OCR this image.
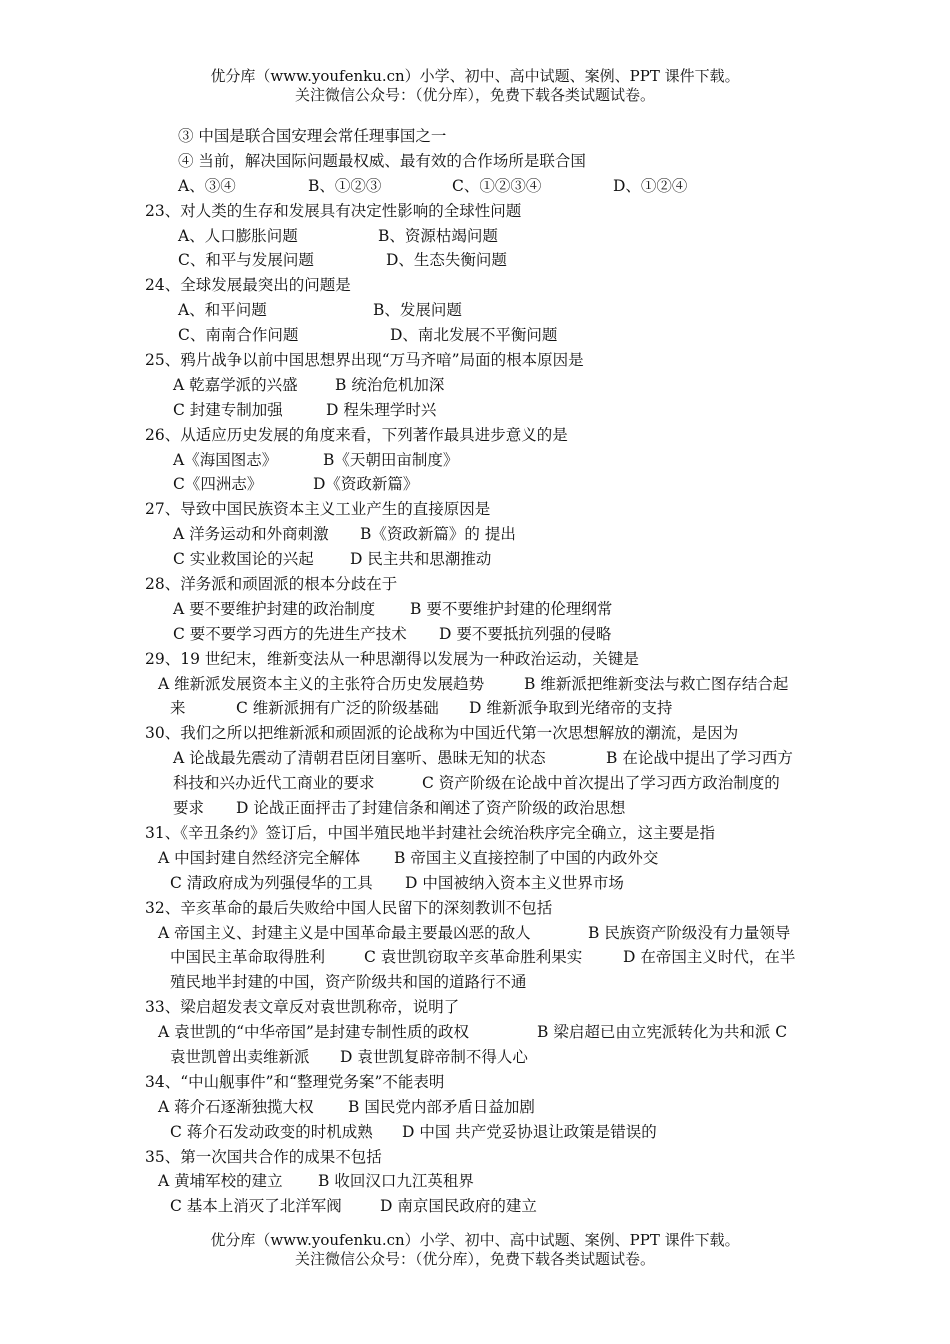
优分库（www.youfenku.cn）小学、初中、高中试题、案例、PPT 课件下载。
关注微信公众号：（优分库），免费下载各类试题试卷。
③ 中国是联合国安理会常任理事国之一
④ 当前，解决国际问题最权威、最有效的合作场所是联合国
A、③④	B、①②③	C、①②③④	D、①②④
23、对人类的生存和发展具有决定性影响的全球性问题
A、人口膨胀问题	B、资源枯竭问题
C、和平与发展问题	D、生态失衡问题
24、全球发展最突出的问题是
A、和平问题	B、发展问题
C、南南合作问题	D、南北发展不平衡问题
25、鸦片战争以前中国思想界出现“万马齐喑”局面的根本原因是
A 乾嘉学派的兴盛 B 统治危机加深
C 封建专制加强	D 程朱理学时兴
26、从适应历史发展的角度来看，下列著作最具进步意义的是
A《海国图志》	B《天朝田亩制度》
C《四洲志》	D《资政新篇》
27、导致中国民族资本主义工业产生的直接原因是
A 洋务运动和外商刺激 B《资政新篇》的 提出
C 实业救国论的兴起 D 民主共和思潮推动
28、洋务派和顽固派的根本分歧在于
A 要不要维护封建的政治制度 B 要不要维护封建的伦理纲常
C 要不要学习西方的先进生产技术 D 要不要抵抗列强的侵略
29、19 世纪末，维新变法从一种思潮得以发展为一种政治运动，关键是
A 维新派发展资本主义的主张符合历史发展趋势	B 维新派把维新变法与救亡图存结合起
来	C 维新派拥有广泛的阶级基础 D 维新派争取到光绪帝的支持
30、我们之所以把维新派和顽固派的论战称为中国近代第一次思想解放的潮流，是因为
A 论战最先震动了清朝君臣闭目塞听、愚昧无知的状态	B 在论战中提出了学习西方
科技和兴办近代工商业的要求	C 资产阶级在论战中首次提出了学习西方政治制度的
要求 D 论战正面抨击了封建信条和阐述了资产阶级的政治思想
31、《辛丑条约》签订后，中国半殖民地半封建社会统治秩序完全确立，这主要是指
A 中国封建自然经济完全解体 B 帝国主义直接控制了中国的内政外交
C 清政府成为列强侵华的工具 D 中国被纳入资本主义世界市场
32、辛亥革命的最后失败给中国人民留下的深刻教训不包括
A 帝国主义、封建主义是中国革命最主要最凶恶的敌人	B 民族资产阶级没有力量领导
中国民主革命取得胜利	C 袁世凯窃取辛亥革命胜利果实	D 在帝国主义时代，在半
殖民地半封建的中国，资产阶级共和国的道路行不通
33、梁启超发表文章反对袁世凯称帝，说明了
A 袁世凯的“中华帝国”是封建专制性质的政权	B 梁启超已由立宪派转化为共和派 C
袁世凯曾出卖维新派 D 袁世凯复辟帝制不得人心
34、“中山舰事件”和“整理党务案”不能表明
A 蒋介石逐渐独揽大权 B 国民党内部矛盾日益加剧
C 蒋介石发动政变的时机成熟 D 中国 共产党妥协退让政策是错误的
35、第一次国共合作的成果不包括
A 黄埔军校的建立 B 收回汉口九江英租界
C 基本上消灭了北洋军阀 D 南京国民政府的建立
优分库（www.youfenku.cn）小学、初中、高中试题、案例、PPT 课件下载。
关注微信公众号：（优分库），免费下载各类试题试卷。
